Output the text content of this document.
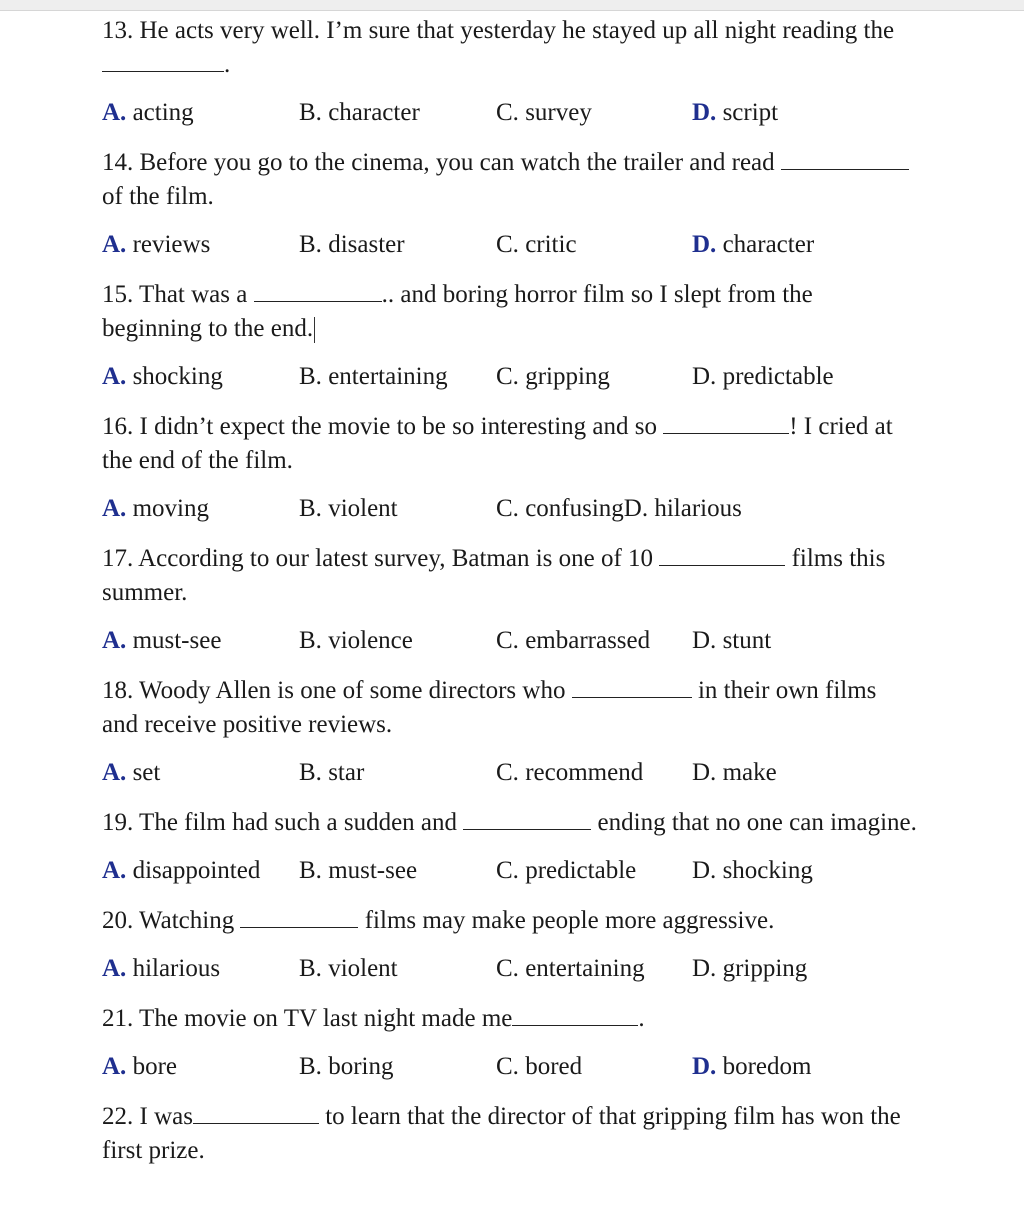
13. He acts very well. I’m sure that yesterday he stayed up all night reading the
.

A. acting	B. character	C. survey	D. script

14. Before you go to the cinema, you can watch the trailer and read
of the film.

A. reviews	B. disaster	C. critic	D. character

15. That was a	.. and boring horror film so I slept from the beginning to the end.

A. shocking	B. entertaining C. gripping	D. predictable

16. I didn’t expect the movie to be so interesting and so	! I cried at the end of the film.

A. moving	B. violent	C. confusingD. hilarious

17. According to our latest survey, Batman is one of 10	films this summer.

A. must-see	B. violence	C. embarrassed D. stunt

18. Woody Allen is one of some directors who	in their own films and receive positive reviews.

A. set	B. star	C. recommend D. make

19. The film had such a sudden and	ending that no one can imagine.

A. disappointed B. must-see	C. predictable D. shocking

20. Watching	films may make people more aggressive.

A. hilarious	B. violent	C. entertaining D. gripping

21. The movie on TV last night made me	.

A. bore	B. boring	C. bored	D. boredom

22. I was	to learn that the director of that gripping film has won the first prize.
